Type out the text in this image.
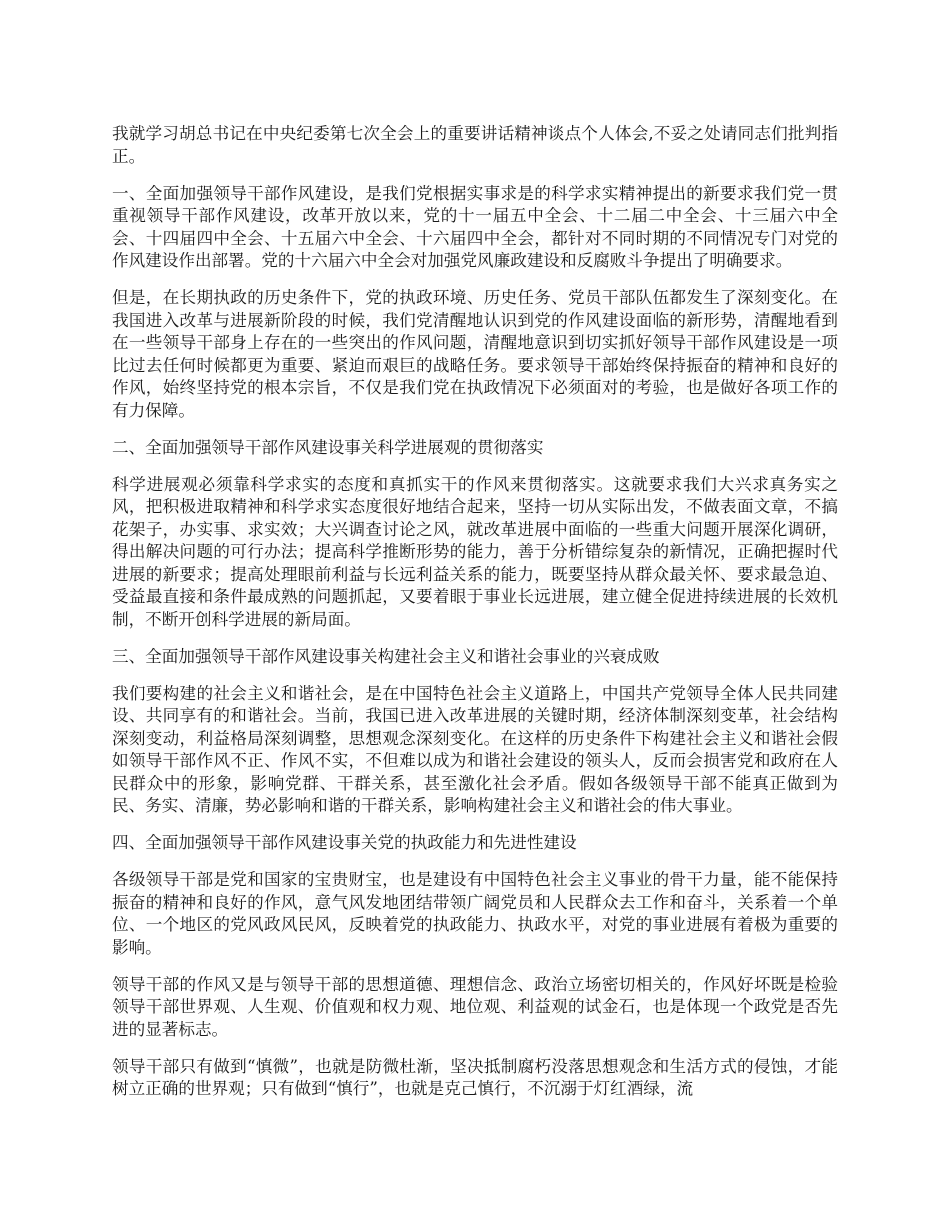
我就学习胡总书记在中央纪委第七次全会上的重要讲话精神谈点个人体会,不妥之处请同志们批判指正。

一、全面加强领导干部作风建设，是我们党根据实事求是的科学求实精神提出的新要求我们党一贯重视领导干部作风建设，改革开放以来，党的十一届五中全会、十二届二中全会、十三届六中全会、十四届四中全会、十五届六中全会、十六届四中全会，都针对不同时期的不同情况专门对党的作风建设作出部署。党的十六届六中全会对加强党风廉政建设和反腐败斗争提出了明确要求。

但是，在长期执政的历史条件下，党的执政环境、历史任务、党员干部队伍都发生了深刻变化。在我国进入改革与进展新阶段的时候，我们党清醒地认识到党的作风建设面临的新形势，清醒地看到在一些领导干部身上存在的一些突出的作风问题，清醒地意识到切实抓好领导干部作风建设是一项比过去任何时候都更为重要、紧迫而艰巨的战略任务。要求领导干部始终保持振奋的精神和良好的作风，始终坚持党的根本宗旨，不仅是我们党在执政情况下必须面对的考验，也是做好各项工作的有力保障。

二、全面加强领导干部作风建设事关科学进展观的贯彻落实

科学进展观必须靠科学求实的态度和真抓实干的作风来贯彻落实。这就要求我们大兴求真务实之风，把积极进取精神和科学求实态度很好地结合起来，坚持一切从实际出发，不做表面文章，不搞花架子，办实事、求实效；大兴调查讨论之风，就改革进展中面临的一些重大问题开展深化调研，得出解决问题的可行办法；提高科学推断形势的能力，善于分析错综复杂的新情况，正确把握时代进展的新要求；提高处理眼前利益与长远利益关系的能力，既要坚持从群众最关怀、要求最急迫、受益最直接和条件最成熟的问题抓起，又要着眼于事业长远进展，建立健全促进持续进展的长效机制，不断开创科学进展的新局面。

三、全面加强领导干部作风建设事关构建社会主义和谐社会事业的兴衰成败

我们要构建的社会主义和谐社会，是在中国特色社会主义道路上，中国共产党领导全体人民共同建设、共同享有的和谐社会。当前，我国已进入改革进展的关键时期，经济体制深刻变革，社会结构深刻变动，利益格局深刻调整，思想观念深刻变化。在这样的历史条件下构建社会主义和谐社会假如领导干部作风不正、作风不实，不但难以成为和谐社会建设的领头人，反而会损害党和政府在人民群众中的形象，影响党群、干群关系，甚至激化社会矛盾。假如各级领导干部不能真正做到为民、务实、清廉，势必影响和谐的干群关系，影响构建社会主义和谐社会的伟大事业。

四、全面加强领导干部作风建设事关党的执政能力和先进性建设

各级领导干部是党和国家的宝贵财宝，也是建设有中国特色社会主义事业的骨干力量，能不能保持振奋的精神和良好的作风，意气风发地团结带领广阔党员和人民群众去工作和奋斗，关系着一个单位、一个地区的党风政风民风，反映着党的执政能力、执政水平，对党的事业进展有着极为重要的影响。

领导干部的作风又是与领导干部的思想道德、理想信念、政治立场密切相关的，作风好坏既是检验领导干部世界观、人生观、价值观和权力观、地位观、利益观的试金石，也是体现一个政党是否先进的显著标志。

领导干部只有做到“慎微”，也就是防微杜渐，坚决抵制腐朽没落思想观念和生活方式的侵蚀，才能树立正确的世界观；只有做到“慎行”，也就是克己慎行，不沉溺于灯红酒绿，流
